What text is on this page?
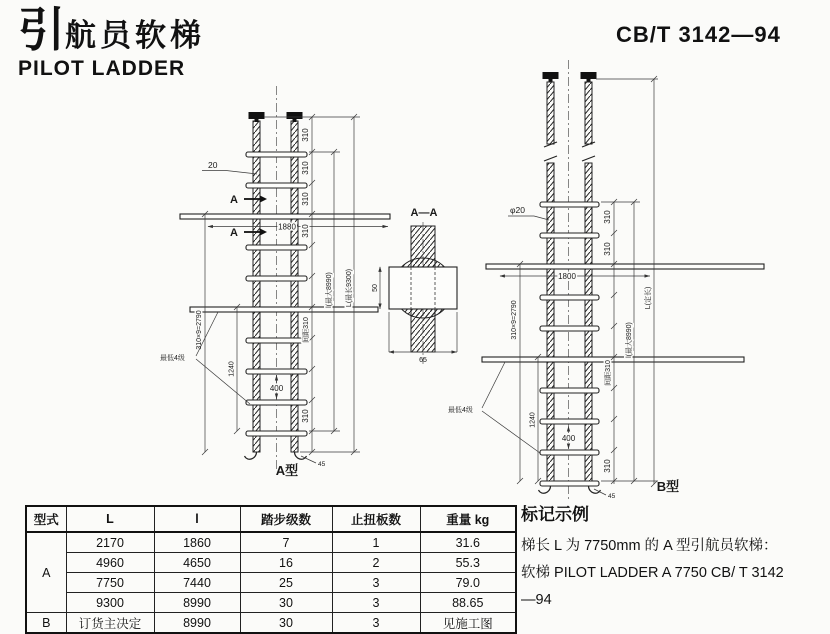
引 航员软梯
PILOT LADDER
CB/T 3142—94
45
20
A
A	1880
310
310
310
310
间距310
310
l(最大8990) L(最长9300)
310×9=2790
1240
最低4级
400
A型
A—A
50
65
45
φ20
1800
310
310
间距310
310
l(最大8990)
L(定长)
310×9=2790
1240
最低4级
400
B型
型式	L	l	踏步级数	止扭板数	重量 kg
A	2170	1860	7	1	31.6
	4960	4650	16	2	55.3
	7750	7440	25	3	79.0
	9300	8990	30	3	88.65
B	订货主决定	8990	30	3	见施工图
标记示例
梯长 L 为 7750mm 的 A 型引航员软梯：
软梯 PILOT LADDER A 7750 CB/ T 3142
—94
